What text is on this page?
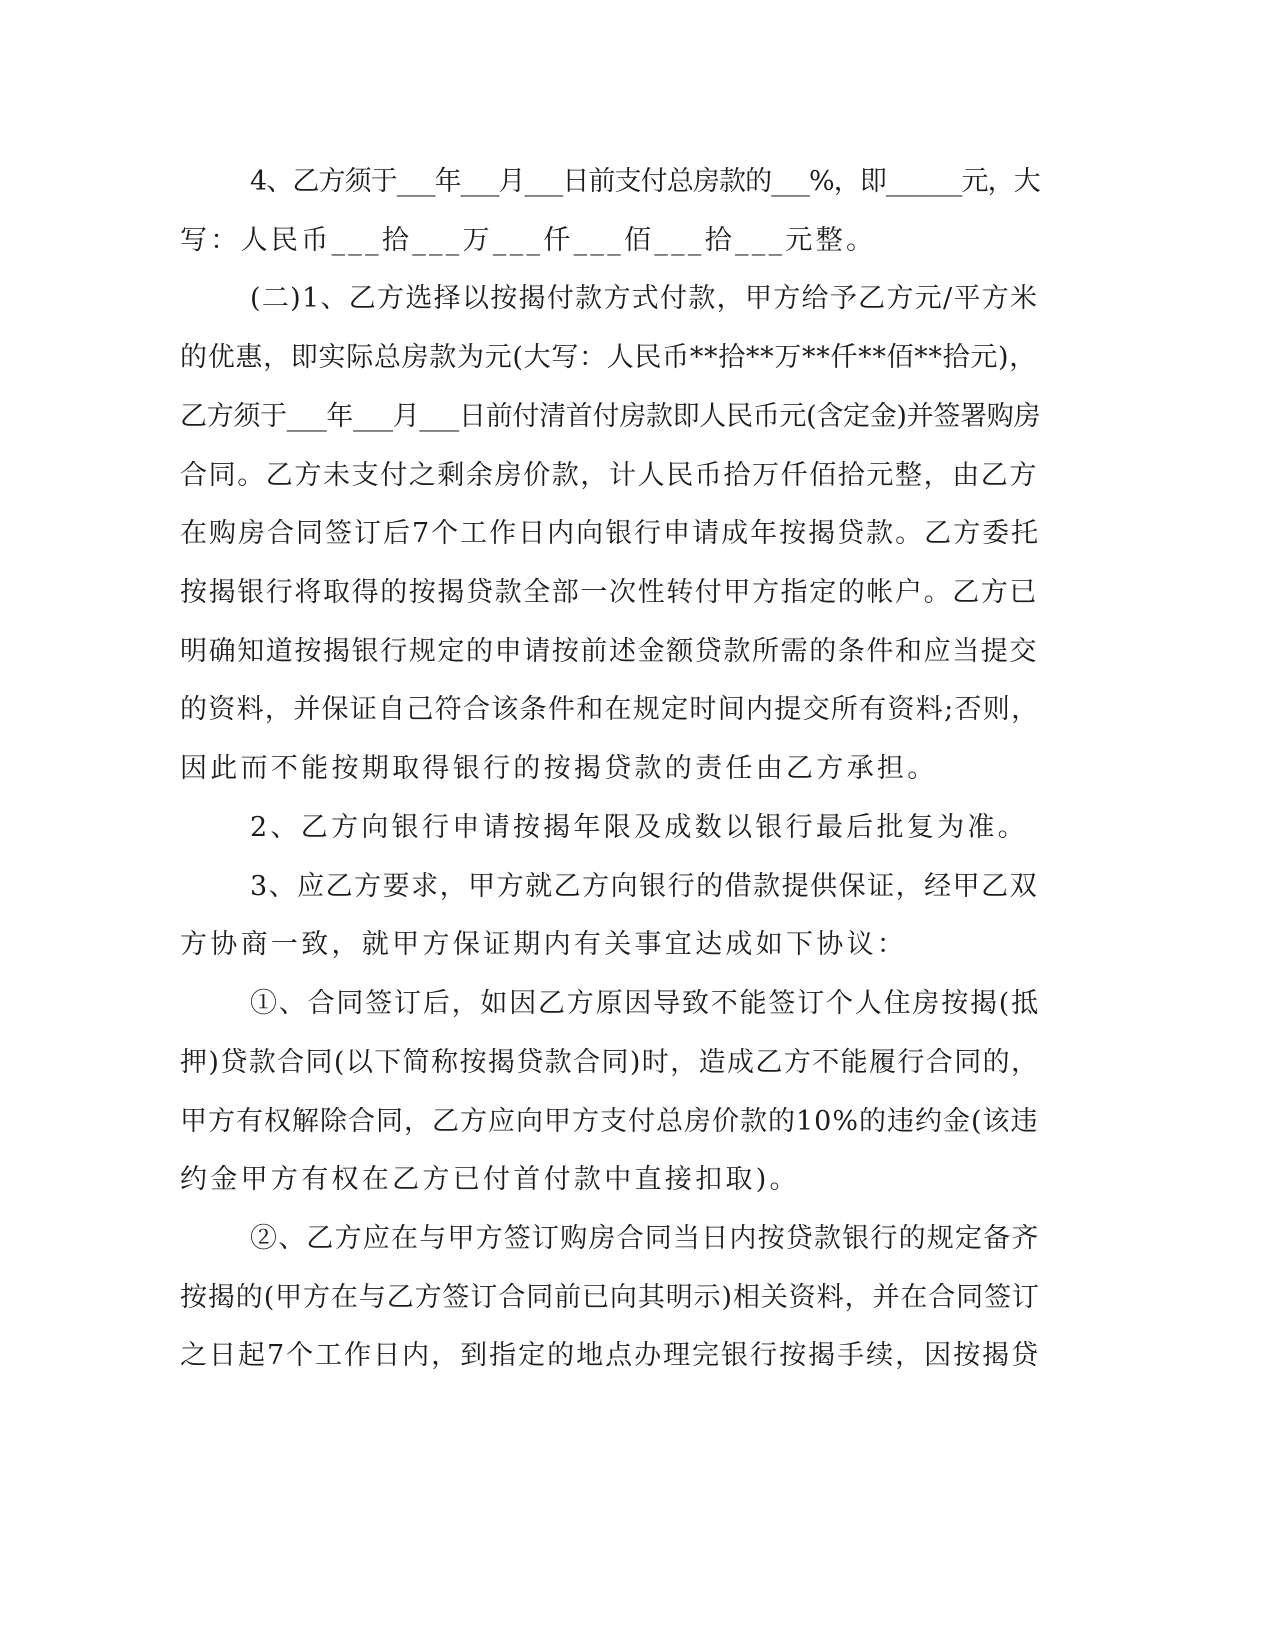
4、乙方须于___年___月___日前支付总房款的___%，即______元，大
写：人民币___拾___万___仟___佰___拾___元整。
(二)1、乙方选择以按揭付款方式付款，甲方给予乙方元/平方米
的优惠，即实际总房款为元(大写：人民币**拾**万**仟**佰**拾元)，
乙方须于___年___月___日前付清首付房款即人民币元(含定金)并签署购房
合同。乙方未支付之剩余房价款，计人民币拾万仟佰拾元整，由乙方
在购房合同签订后7个工作日内向银行申请成年按揭贷款。乙方委托
按揭银行将取得的按揭贷款全部一次性转付甲方指定的帐户。乙方已
明确知道按揭银行规定的申请按前述金额贷款所需的条件和应当提交
的资料，并保证自己符合该条件和在规定时间内提交所有资料;否则，
因此而不能按期取得银行的按揭贷款的责任由乙方承担。
2、乙方向银行申请按揭年限及成数以银行最后批复为准。
3、应乙方要求，甲方就乙方向银行的借款提供保证，经甲乙双
方协商一致，就甲方保证期内有关事宜达成如下协议：
①、合同签订后，如因乙方原因导致不能签订个人住房按揭(抵
押)贷款合同(以下简称按揭贷款合同)时，造成乙方不能履行合同的，
甲方有权解除合同，乙方应向甲方支付总房价款的10%的违约金(该违
约金甲方有权在乙方已付首付款中直接扣取)。
②、乙方应在与甲方签订购房合同当日内按贷款银行的规定备齐
按揭的(甲方在与乙方签订合同前已向其明示)相关资料，并在合同签订
之日起7个工作日内，到指定的地点办理完银行按揭手续，因按揭贷
